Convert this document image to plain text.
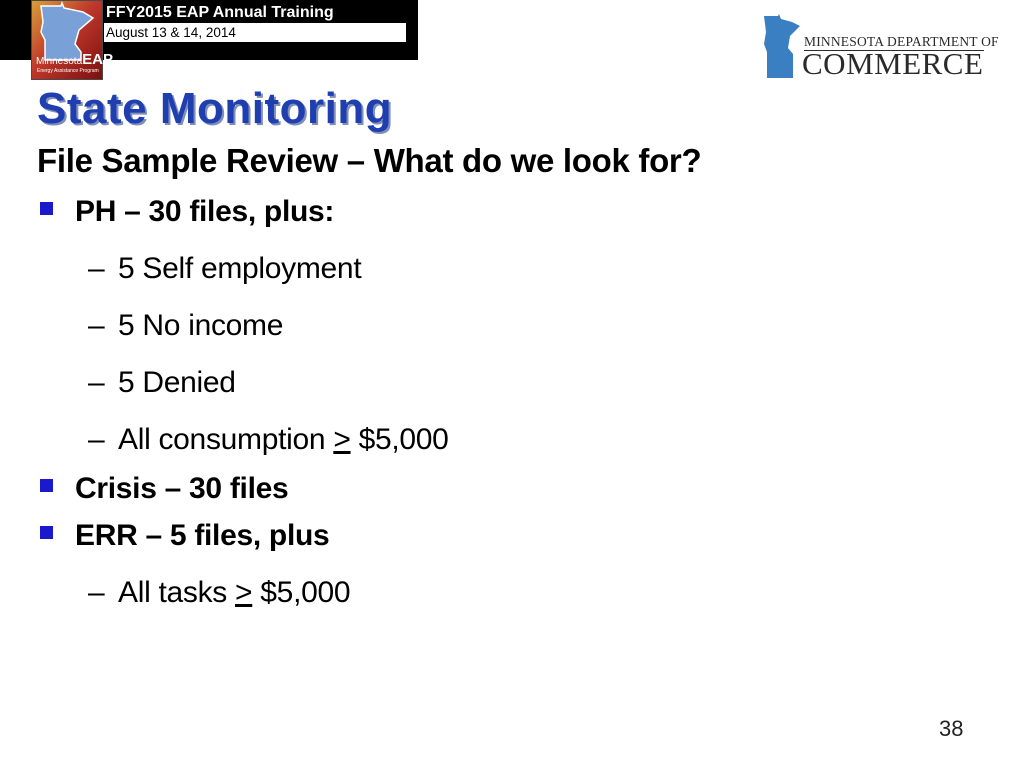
FFY2015 EAP Annual Training
August 13 & 14, 2014
MinnesotaEAP
Energy Assistance Program
MINNESOTA DEPARTMENT OF
COMMERCE
State Monitoring
File Sample Review – What do we look for?
PH – 30 files, plus:
– 5 Self employment
– 5 No income
– 5 Denied
– All consumption > $5,000
Crisis – 30 files
ERR – 5 files, plus
– All tasks > $5,000
38
